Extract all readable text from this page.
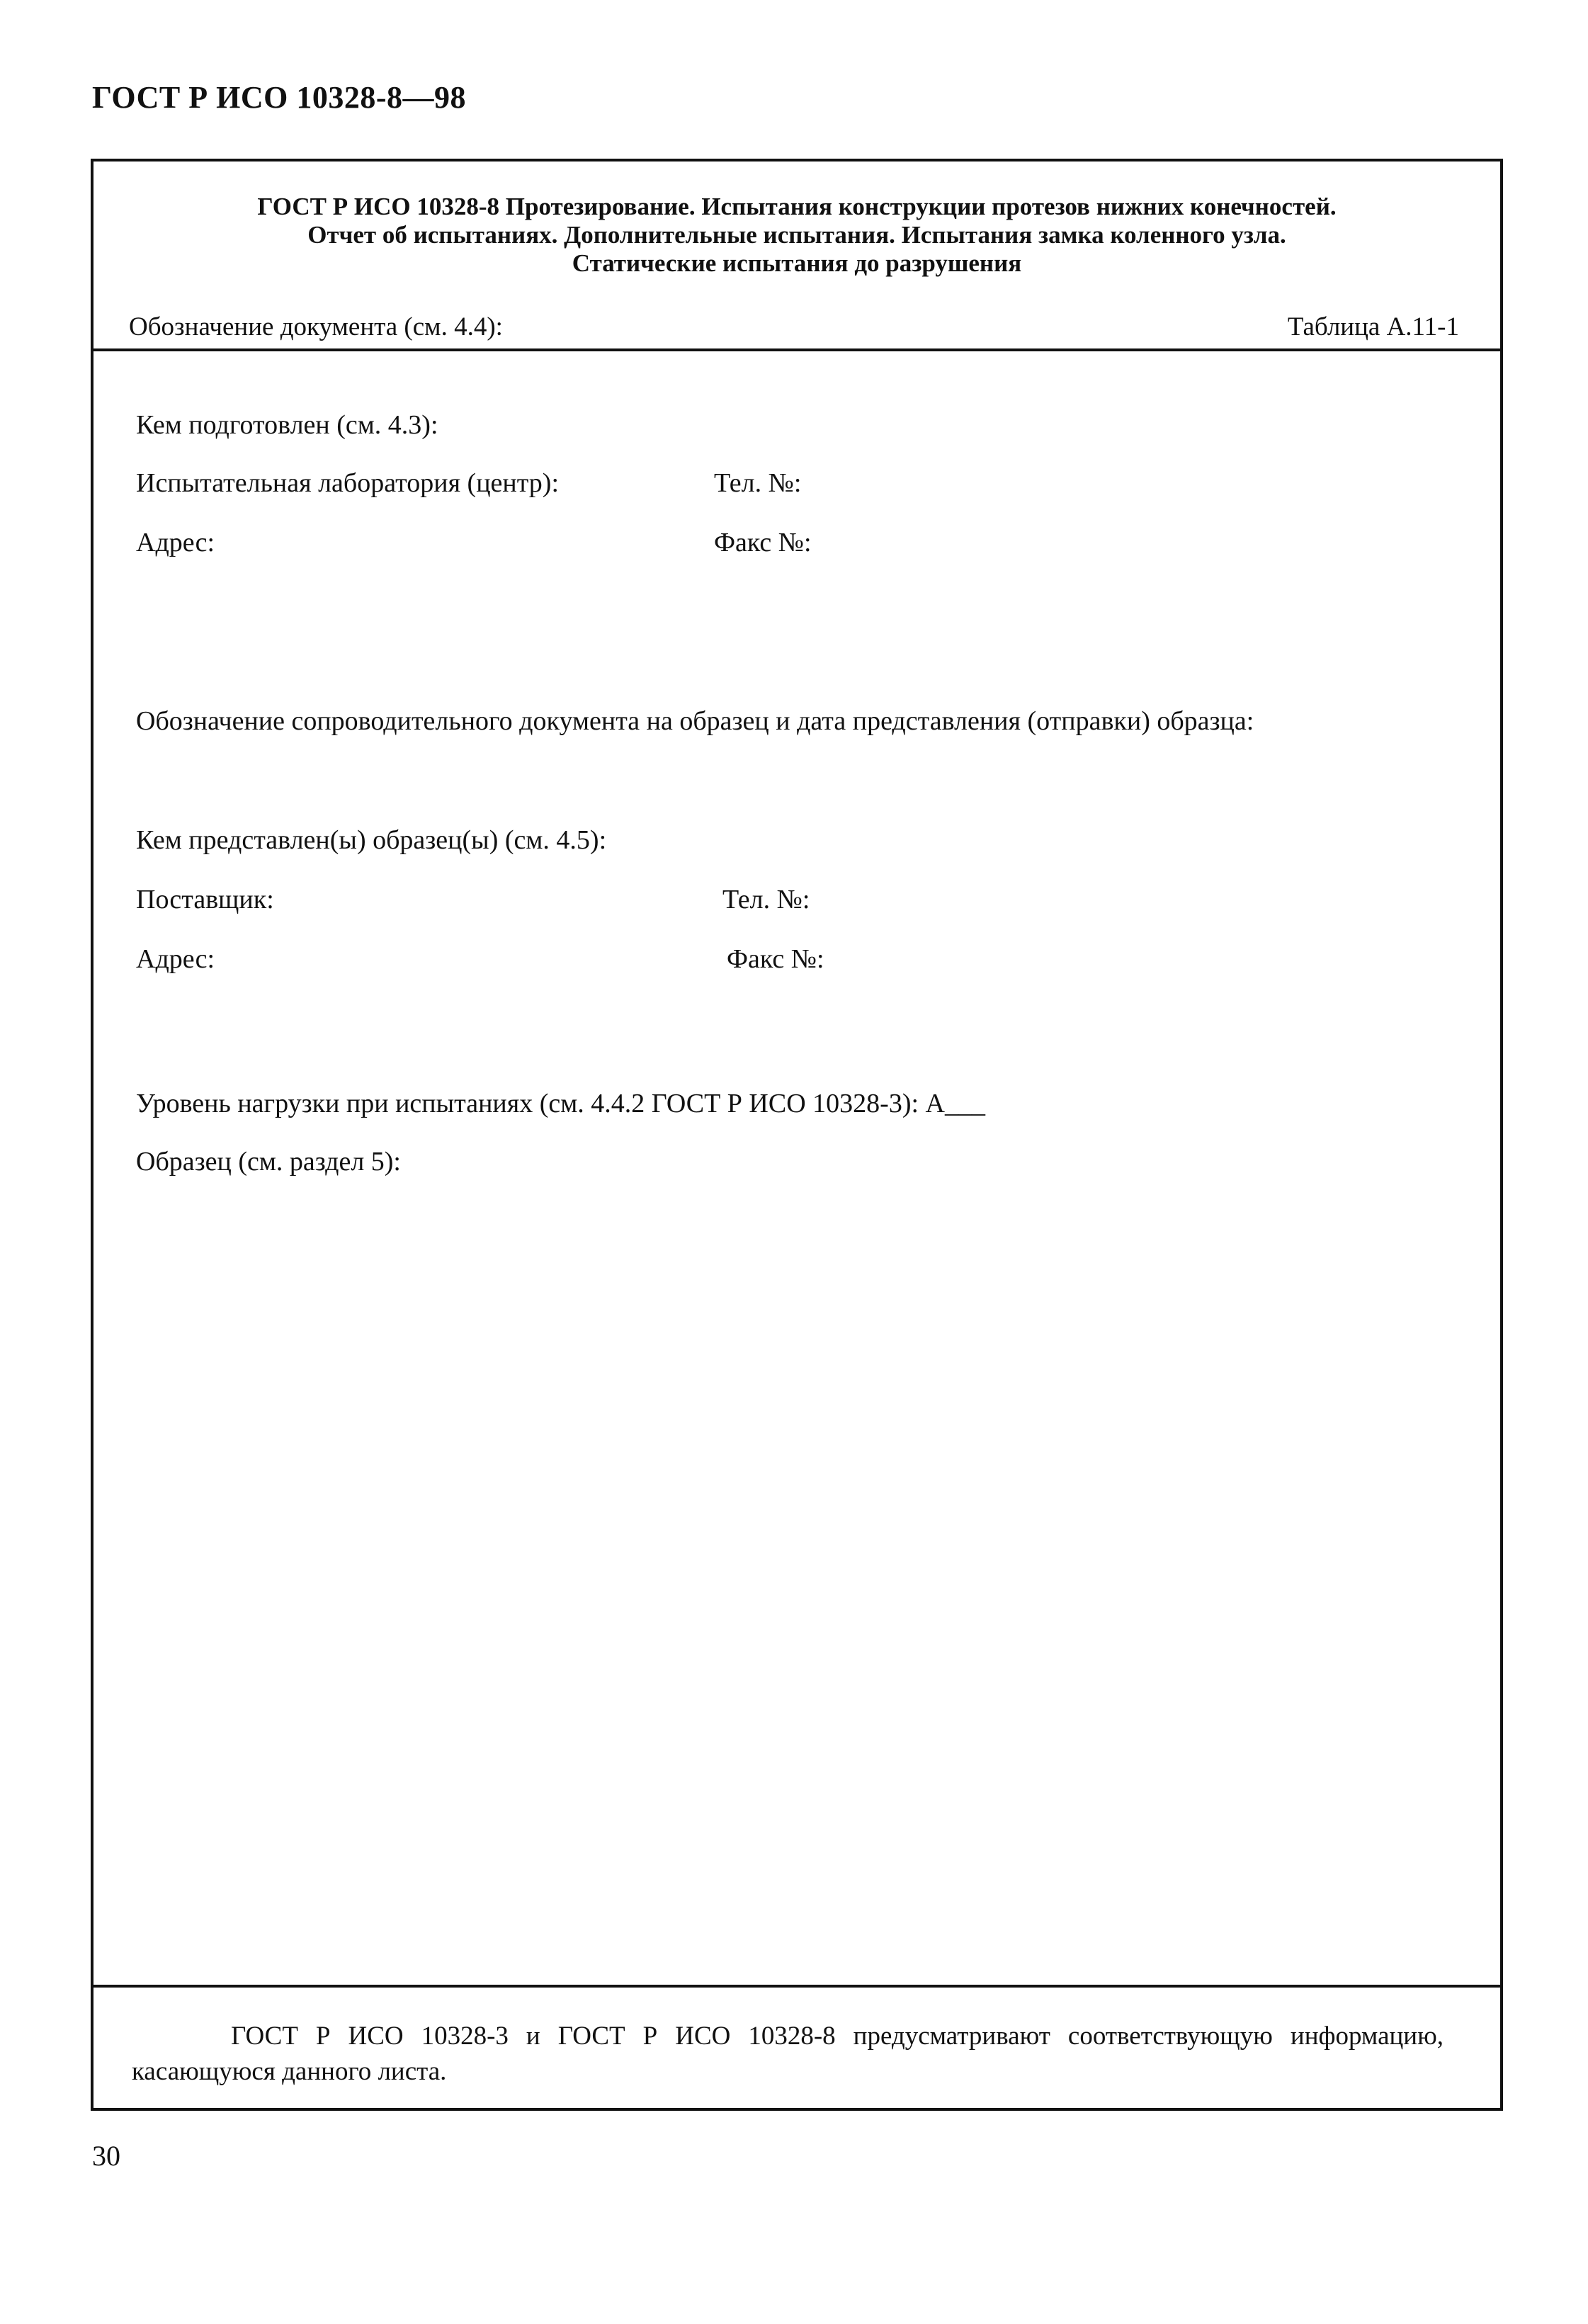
ГОСТ Р ИСО 10328-8—98
ГОСТ Р ИСО 10328-8 Протезирование. Испытания конструкции протезов нижних конечностей.
Отчет об испытаниях. Дополнительные испытания. Испытания замка коленного узла.
Статические испытания до разрушения
Обозначение документа (см. 4.4):	Таблица А.11-1
Кем подготовлен (см. 4.3):
Испытательная лаборатория (центр):	Тел. №:
Адрес:	Факс №:
Обозначение сопроводительного документа на образец и дата представления (отправки) образца:
Кем представлен(ы) образец(ы) (см. 4.5):
Поставщик:	Тел. №:
Адрес:	Факс №:
Уровень нагрузки при испытаниях (см. 4.4.2 ГОСТ Р ИСО 10328-3): А___
Образец (см. раздел 5):
ГОСТ Р ИСО 10328-3 и ГОСТ Р ИСО 10328-8 предусматривают соответствующую информацию, касающуюся данного листа.
30
